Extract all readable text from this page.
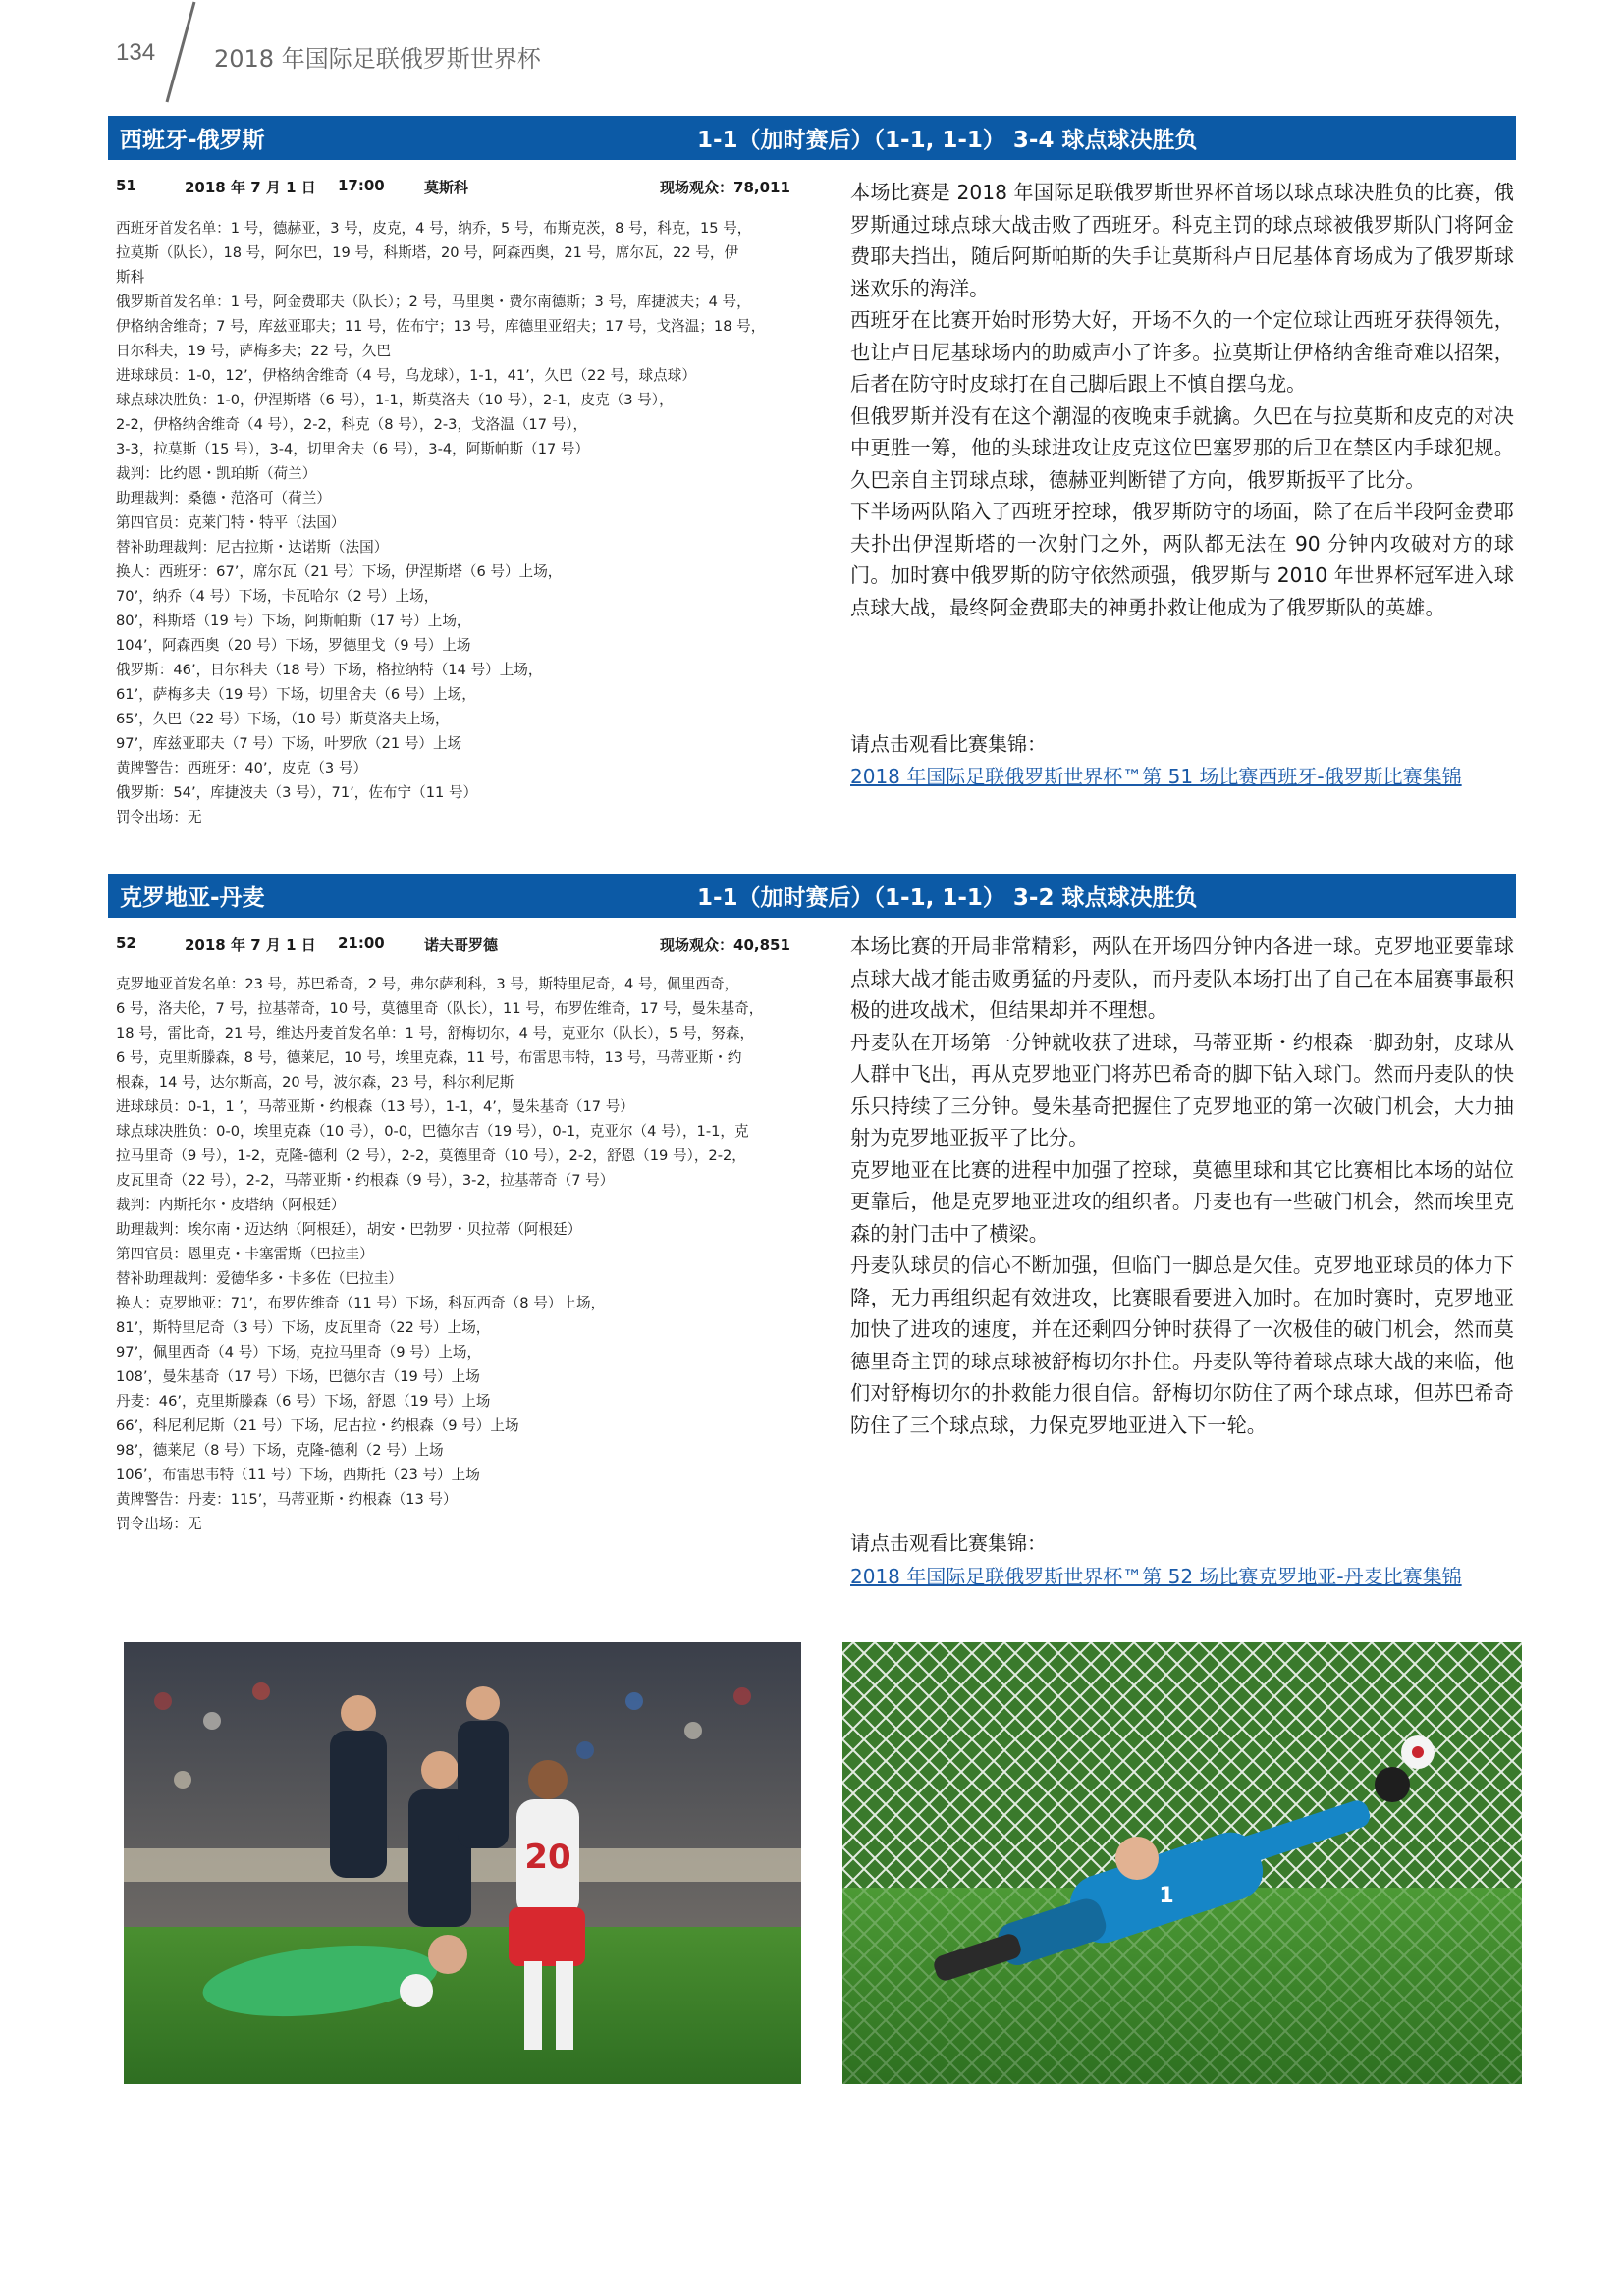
134 2018 年国际足联俄罗斯世界杯
西班牙-俄罗斯	1-1（加时赛后）（1-1, 1-1） 3-4 球点球决胜负
51	2018 年 7 月 1 日 17:00	莫斯科	现场观众：78,011

西班牙首发名单：1 号，德赫亚，3 号，皮克，4 号，纳乔，5 号，布斯克茨，8 号，科克，15 号，

拉莫斯（队长），18 号，阿尔巴，19 号，科斯塔，20 号，阿森西奥，21 号，席尔瓦，22 号，伊

斯科

俄罗斯首发名单：1 号，阿金费耶夫（队长）；2 号，马里奥・费尔南德斯；3 号，库捷波夫；4 号，

伊格纳舍维奇；7 号，库兹亚耶夫；11 号，佐布宁；13 号，库德里亚绍夫；17 号，戈洛温；18 号，

日尔科夫，19 号，萨梅多夫；22 号，久巴

进球球员：1-0，12’，伊格纳舍维奇（4 号，乌龙球），1-1，41’，久巴（22 号，球点球）

球点球决胜负：1-0，伊涅斯塔（6 号），1-1，斯莫洛夫（10 号），2-1，皮克（3 号），

2-2，伊格纳舍维奇（4 号），2-2，科克（8 号），2-3，戈洛温（17 号），

3-3，拉莫斯（15 号），3-4，切里舍夫（6 号），3-4，阿斯帕斯（17 号）

裁判：比约恩・凯珀斯（荷兰）

助理裁判：桑德・范洛可（荷兰）

第四官员：克莱门特・特平（法国）

替补助理裁判：尼古拉斯・达诺斯（法国）

换人：西班牙：67’，席尔瓦（21 号）下场，伊涅斯塔（6 号）上场，

70’，纳乔（4 号）下场，卡瓦哈尔（2 号）上场，

80’，科斯塔（19 号）下场，阿斯帕斯（17 号）上场，

104’，阿森西奥（20 号）下场，罗德里戈（9 号）上场

俄罗斯：46’，日尔科夫（18 号）下场，格拉纳特（14 号）上场，

61’，萨梅多夫（19 号）下场，切里舍夫（6 号）上场，

65’，久巴（22 号）下场，（10 号）斯莫洛夫上场，

97’，库兹亚耶夫（7 号）下场，叶罗欣（21 号）上场

黄牌警告：西班牙：40’，皮克（3 号）

俄罗斯：54’，库捷波夫（3 号），71’，佐布宁（11 号）

罚令出场：无

本场比赛是 2018 年国际足联俄罗斯世界杯首场以球点球决胜负的比赛，俄罗斯通过球点球大战击败了西班牙。科克主罚的球点球被俄罗斯队门将阿金费耶夫挡出，随后阿斯帕斯的失手让莫斯科卢日尼基体育场成为了俄罗斯球迷欢乐的海洋。

西班牙在比赛开始时形势大好，开场不久的一个定位球让西班牙获得领先，也让卢日尼基球场内的助威声小了许多。拉莫斯让伊格纳舍维奇难以招架，后者在防守时皮球打在自己脚后跟上不慎自摆乌龙。

但俄罗斯并没有在这个潮湿的夜晚束手就擒。久巴在与拉莫斯和皮克的对决中更胜一筹，他的头球进攻让皮克这位巴塞罗那的后卫在禁区内手球犯规。久巴亲自主罚球点球，德赫亚判断错了方向，俄罗斯扳平了比分。

下半场两队陷入了西班牙控球，俄罗斯防守的场面，除了在后半段阿金费耶夫扑出伊涅斯塔的一次射门之外，两队都无法在 90 分钟内攻破对方的球门。加时赛中俄罗斯的防守依然顽强，俄罗斯与 2010 年世界杯冠军进入球点球大战，最终阿金费耶夫的神勇扑救让他成为了俄罗斯队的英雄。

请点击观看比赛集锦：
2018 年国际足联俄罗斯世界杯™第 51 场比赛西班牙-俄罗斯比赛集锦
克罗地亚-丹麦	1-1（加时赛后）（1-1, 1-1） 3-2 球点球决胜负
52	2018 年 7 月 1 日 21:00	诺夫哥罗德	现场观众：40,851

克罗地亚首发名单：23 号，苏巴希奇，2 号，弗尔萨利科，3 号，斯特里尼奇，4 号，佩里西奇，

6 号，洛夫伦，7 号，拉基蒂奇，10 号，莫德里奇（队长），11 号，布罗佐维奇，17 号，曼朱基奇，

18 号，雷比奇，21 号，维达丹麦首发名单：1 号，舒梅切尔，4 号，克亚尔（队长），5 号，努森，

6 号，克里斯滕森，8 号，德莱尼，10 号，埃里克森，11 号，布雷思韦特，13 号，马蒂亚斯・约

根森，14 号，达尔斯高，20 号，波尔森，23 号，科尔利尼斯

进球球员：0-1，1 ’，马蒂亚斯・约根森（13 号），1-1，4’，曼朱基奇（17 号）

球点球决胜负：0-0，埃里克森（10 号），0-0，巴德尔吉（19 号），0-1，克亚尔（4 号），1-1，克

拉马里奇（9 号），1-2，克隆-德利（2 号），2-2，莫德里奇（10 号），2-2，舒恩（19 号），2-2，

皮瓦里奇（22 号），2-2，马蒂亚斯・约根森（9 号），3-2，拉基蒂奇（7 号）

裁判：内斯托尔・皮塔纳（阿根廷）

助理裁判：埃尔南・迈达纳（阿根廷），胡安・巴勃罗・贝拉蒂（阿根廷）

第四官员：恩里克・卡塞雷斯（巴拉圭）

替补助理裁判：爱德华多・卡多佐（巴拉圭）

换人：克罗地亚：71’，布罗佐维奇（11 号）下场，科瓦西奇（8 号）上场，

81’，斯特里尼奇（3 号）下场，皮瓦里奇（22 号）上场，

97’，佩里西奇（4 号）下场，克拉马里奇（9 号）上场，

108’，曼朱基奇（17 号）下场，巴德尔吉（19 号）上场

丹麦：46’，克里斯滕森（6 号）下场，舒恩（19 号）上场

66’，科尼利尼斯（21 号）下场，尼古拉・约根森（9 号）上场

98’，德莱尼（8 号）下场，克隆-德利（2 号）上场

106’，布雷思韦特（11 号）下场，西斯托（23 号）上场

黄牌警告：丹麦：115’，马蒂亚斯・约根森（13 号）

罚令出场：无

本场比赛的开局非常精彩，两队在开场四分钟内各进一球。克罗地亚要靠球点球大战才能击败勇猛的丹麦队，而丹麦队本场打出了自己在本届赛事最积极的进攻战术，但结果却并不理想。

丹麦队在开场第一分钟就收获了进球，马蒂亚斯・约根森一脚劲射，皮球从人群中飞出，再从克罗地亚门将苏巴希奇的脚下钻入球门。然而丹麦队的快乐只持续了三分钟。曼朱基奇把握住了克罗地亚的第一次破门机会，大力抽射为克罗地亚扳平了比分。

克罗地亚在比赛的进程中加强了控球，莫德里球和其它比赛相比本场的站位更靠后，他是克罗地亚进攻的组织者。丹麦也有一些破门机会，然而埃里克森的射门击中了横梁。

丹麦队球员的信心不断加强，但临门一脚总是欠佳。克罗地亚球员的体力下降，无力再组织起有效进攻，比赛眼看要进入加时。在加时赛时，克罗地亚加快了进攻的速度，并在还剩四分钟时获得了一次极佳的破门机会，然而莫德里奇主罚的球点球被舒梅切尔扑住。丹麦队等待着球点球大战的来临，他们对舒梅切尔的扑救能力很自信。舒梅切尔防住了两个球点球，但苏巴希奇防住了三个球点球，力保克罗地亚进入下一轮。

请点击观看比赛集锦：
2018 年国际足联俄罗斯世界杯™第 52 场比赛克罗地亚-丹麦比赛集锦
20
1
